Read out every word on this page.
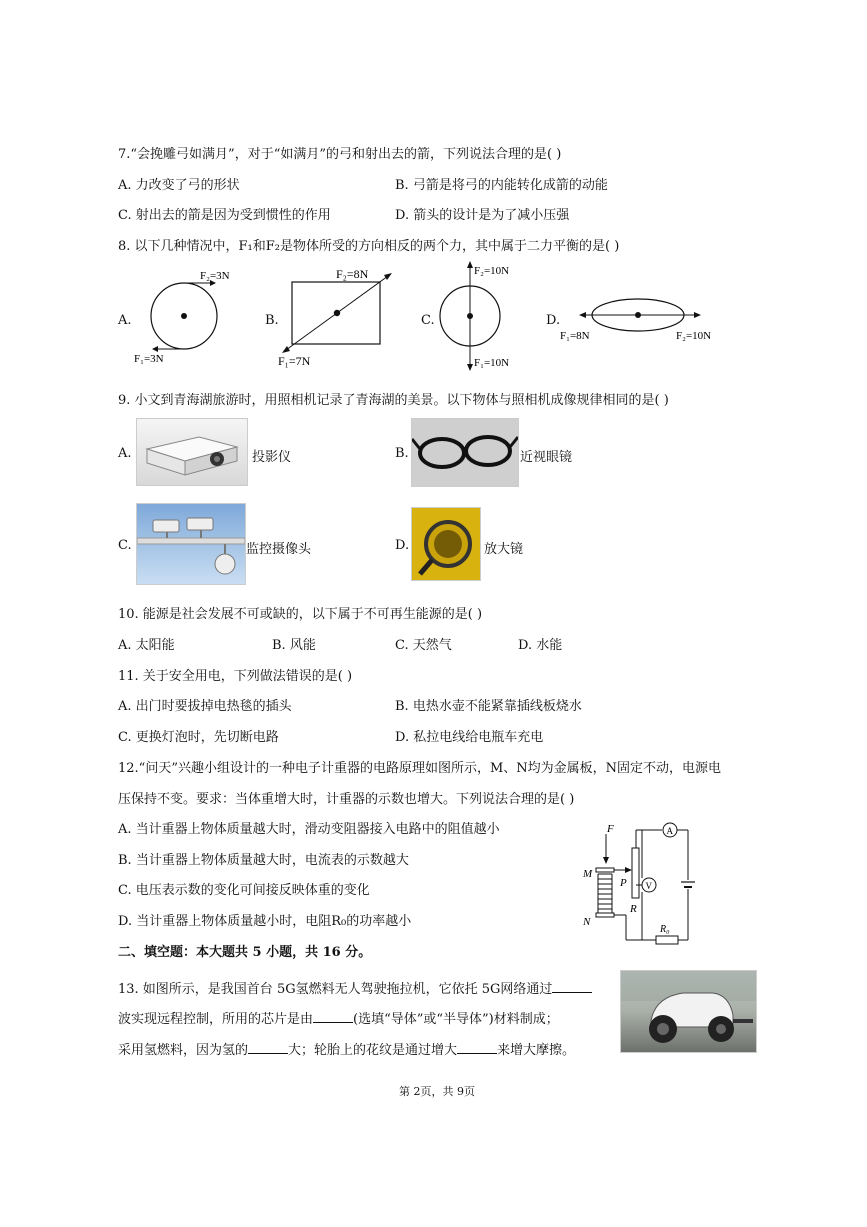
7.“会挽雕弓如满月”，对于“如满月”的弓和射出去的箭，下列说法合理的是( )
A. 力改变了弓的形状	B. 弓箭是将弓的内能转化成箭的动能
C. 射出去的箭是因为受到惯性的作用	D. 箭头的设计是为了减小压强
8. 以下几种情况中，F₁和F₂是物体所受的方向相反的两个力，其中属于二力平衡的是( )
A.
F₂=3N
F₁=3N
B.
F₂=8N
F₁=7N
C.
F₂=10N
F₁=10N
D.
F₁=8N	F₂=10N
9. 小文到青海湖旅游时，用照相机记录了青海湖的美景。以下物体与照相机成像规律相同的是( )
A.	投影仪	B.	近视眼镜
C.	监控摄像头	D.	放大镜
10. 能源是社会发展不可或缺的，以下属于不可再生能源的是( )
A. 太阳能	B. 风能	C. 天然气	D. 水能
11. 关于安全用电，下列做法错误的是( )
A. 出门时要拔掉电热毯的插头	B. 电热水壶不能紧靠插线板烧水
C. 更换灯泡时，先切断电路	D. 私拉电线给电瓶车充电
12.“问天”兴趣小组设计的一种电子计重器的电路原理如图所示，M、N均为金属板，N固定不动，电源电
压保持不变。要求：当体重增大时，计重器的示数也增大。下列说法合理的是( )
A. 当计重器上物体质量越大时，滑动变阻器接入电路中的阻值越小
B. 当计重器上物体质量越大时，电流表的示数越大
C. 电压表示数的变化可间接反映体重的变化
D. 当计重器上物体质量越小时，电阻R₀的功率越小
F
M
N
P
R
A
V
R₀
二、填空题：本大题共 5 小题，共 16 分。
13. 如图所示，是我国首台 5G氢燃料无人驾驶拖拉机，它依托 5G网络通过
波实现远程控制，所用的芯片是由	(选填“导体”或“半导体”)材料制成；
采用氢燃料，因为氢的	大；轮胎上的花纹是通过增大	来增大摩擦。
第 2页，共 9页
